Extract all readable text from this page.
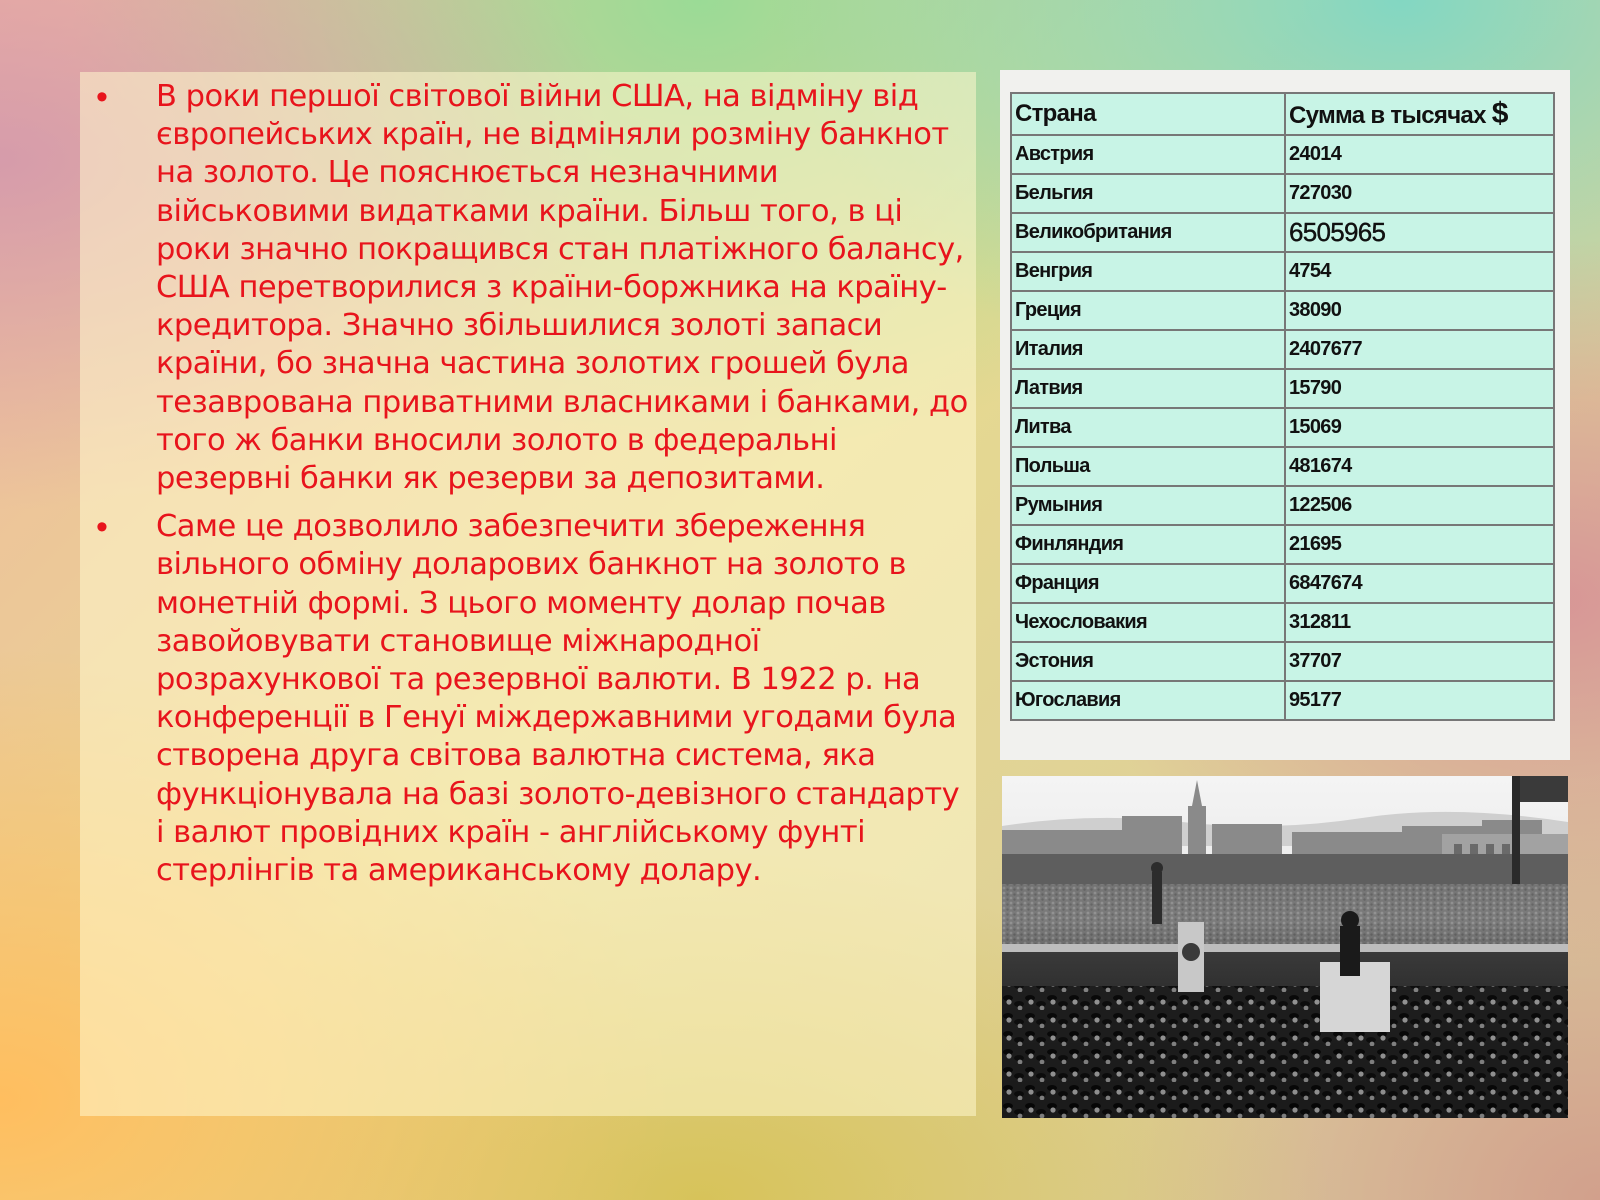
• В роки першої світової війни США, на відміну від європейських країн, не відміняли розміну банкнот на золото. Це пояснюється незначними військовими видатками країни. Більш того, в ці роки значно покращився стан платіжного балансу, США перетворилися з країни-боржника на країну-кредитора. Значно збільшилися золоті запаси країни, бо значна частина золотих грошей була тезаврована приватними власниками і банками, до того ж банки вносили золото в федеральні резервні банки як резерви за депозитами.
• Саме це дозволило забезпечити збереження вільного обміну доларових банкнот на золото в монетній формі. З цього моменту долар почав завойовувати становище міжнародної розрахункової та резервної валюти. В 1922 р. на конференції в Генуї міждержавними угодами була створена друга світова валютна система, яка функціонувала на базі золото-девізного стандарту і валют провідних країн - англійському фунті стерлінгів та американському долару.
Страна	Сумма в тысячах $
Австрия	24014
Бельгия	727030
Великобритания	6505965
Венгрия	4754
Греция	38090
Италия	2407677
Латвия	15790
Литва	15069
Польша	481674
Румыния	122506
Финляндия	21695
Франция	6847674
Чехословакия	312811
Эстония	37707
Югославия	95177
